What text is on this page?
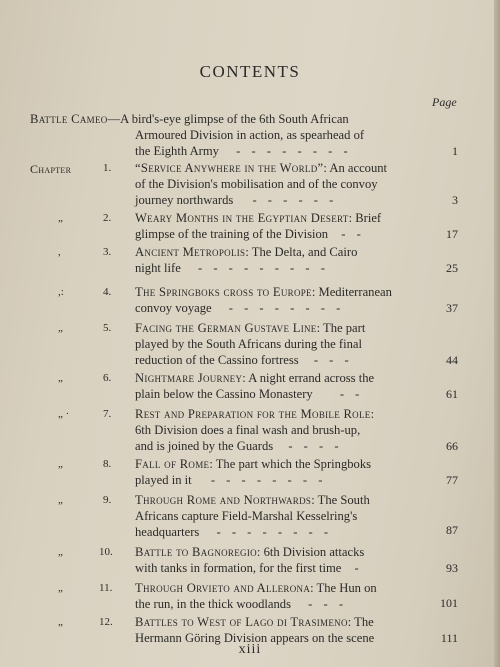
CONTENTS
Page
Battle Cameo—A bird's-eye glimpse of the 6th South African
Armoured Division in action, as spearhead of
the Eighth Army - - - - - - - -	1
Chapter	1. “Service Anywhere in the World”: An account
of the Division's mobilisation and of the convoy
journey northwards - - - - - -	3
„	2. Weary Months in the Egyptian Desert: Brief
glimpse of the training of the Division - -	17
,	3. Ancient Metropolis: The Delta, and Cairo
night life - - - - - - - - -	25
,:	4. The Springboks cross to Europe: Mediterranean
convoy voyage - - - - - - - -	37
„	5. Facing the German Gustave Line: The part
played by the South Africans during the final
reduction of the Cassino fortress - - -	44
„	6. Nightmare Journey: A night errand across the
plain below the Cassino Monastery - -	61
„ ·	7. Rest and Preparation for the Mobile Role:
6th Division does a final wash and brush-up,
and is joined by the Guards - - - -	66
„	8. Fall of Rome: The part which the Springboks
played in it - - - - - - - -	77
„	9. Through Rome and Northwards: The South
Africans capture Field-Marshal Kesselring's
headquarters - - - - - - - -	87
„	10. Battle to Bagnoregio: 6th Division attacks
with tanks in formation, for the first time -	93
„	11. Through Orvieto and Allerona: The Hun on
the run, in the thick woodlands - - -	101
„	12. Battles to West of Lago di Trasimeno: The
Hermann Göring Division appears on the scene	111
xiii
